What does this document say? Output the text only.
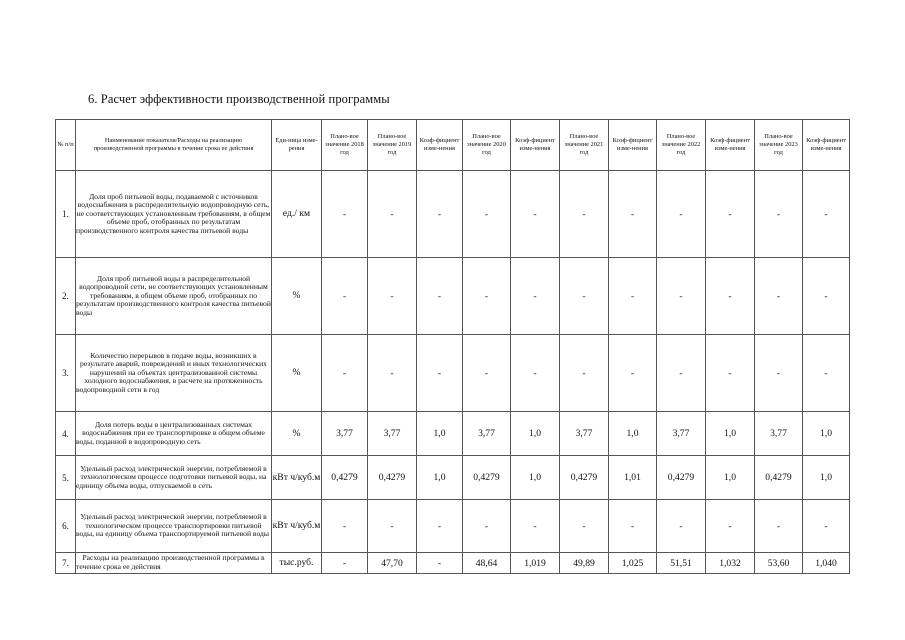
6. Расчет эффективности производственной программы
№ п/п	Наименование показателя/Расходы на реализацию производственной программы в течение срока ее действия	Еди-ница изме-рения	Плано-вое значение 2018 год	Плано-вое значение 2019 год	Коэф-фициент изме-нения	Плано-вое значение 2020 год	Коэф-фициент изме-нения	Плано-вое значение 2021 год	Коэф-фициент изме-нения	Плано-вое значение 2022 год	Коэф-фициент изме-нения	Плано-вое значение 2023 год	Коэф-фициент изме-нения
1.	Доля проб питьевой воды, подаваемой с источников водоснабжения в распределительную водопроводную сеть, не соответствующих установленным требованиям, в общем объеме проб, отобранных по результатам производственного контроля качества питьевой воды	ед./ км	-	-	-	-	-	-	-	-	-	-	-
2.	Доля проб питьевой воды в распределительной водопроводной сети, не соответствующих установленным требованиям, в общем объеме проб, отобранных по результатам производственного контроля качества питьевой воды	%	-	-	-	-	-	-	-	-	-	-	-
3.	Количество перерывов в подаче воды, возникших в результате аварий, повреждений и иных технологических нарушений на объектах централизованной системы холодного водоснабжения, в расчете на протяженность водопроводной сети в год	%	-	-	-	-	-	-	-	-	-	-	-
4.	Доля потерь воды в централизованных системах водоснабжения при ее транспортировке в общем объеме воды, поданной в водопроводную сеть	%	3,77	3,77	1,0	3,77	1,0	3,77	1,0	3,77	1,0	3,77	1,0
5.	Удельный расход электрической энергии, потребляемой в технологическом процессе подготовки питьевой воды, на единицу объема воды, отпускаемой в сеть	кВт ч/куб.м	0,4279	0,4279	1,0	0,4279	1,0	0,4279	1,01	0,4279	1,0	0,4279	1,0
6.	Удельный расход электрической энергии, потребляемой в технологическом процессе транспортировки питьевой воды, на единицу объема транспортируемой питьевой воды	кВт ч/куб.м	-	-	-	-	-	-	-	-	-	-	-
7.	Расходы на реализацию производственной программы в течение срока ее действия	тыс.руб.	-	47,70	-	48,64	1,019	49,89	1,025	51,51	1,032	53,60	1,040
